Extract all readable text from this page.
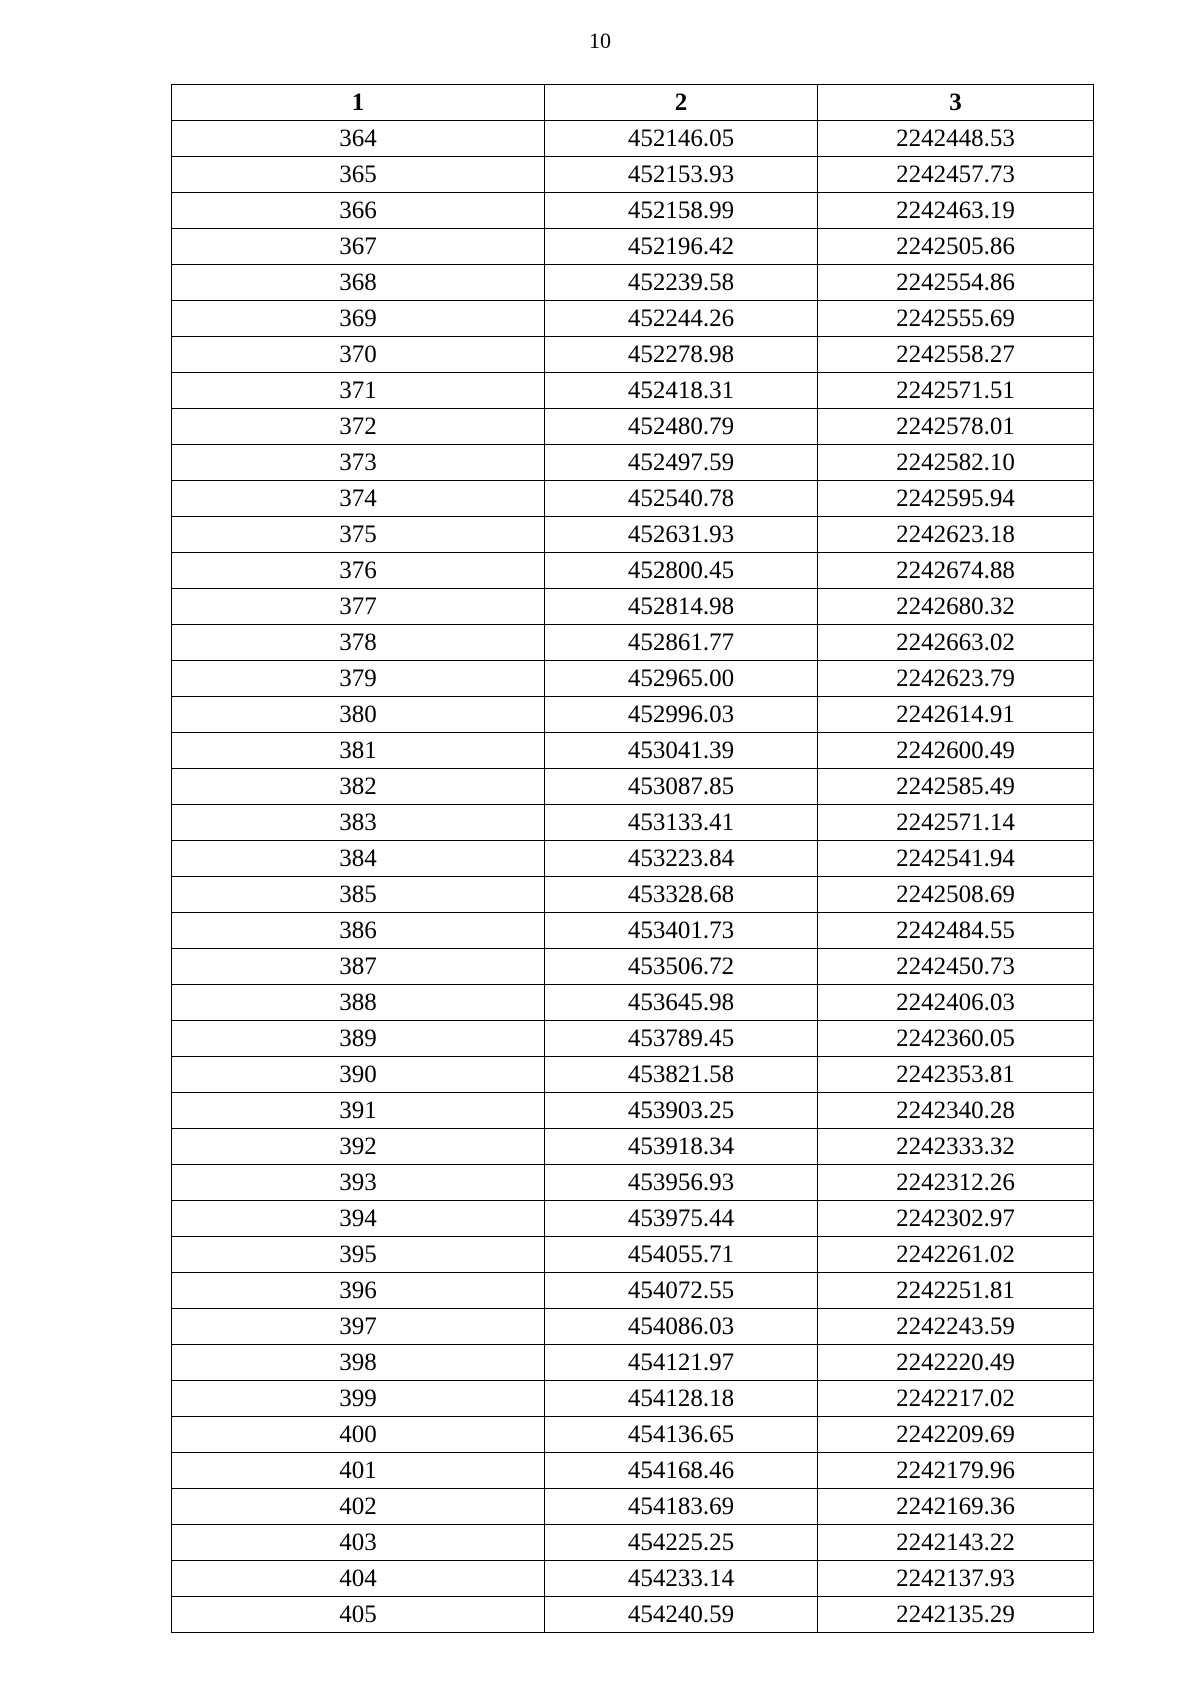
10
1	2	3
364	452146.05	2242448.53
365	452153.93	2242457.73
366	452158.99	2242463.19
367	452196.42	2242505.86
368	452239.58	2242554.86
369	452244.26	2242555.69
370	452278.98	2242558.27
371	452418.31	2242571.51
372	452480.79	2242578.01
373	452497.59	2242582.10
374	452540.78	2242595.94
375	452631.93	2242623.18
376	452800.45	2242674.88
377	452814.98	2242680.32
378	452861.77	2242663.02
379	452965.00	2242623.79
380	452996.03	2242614.91
381	453041.39	2242600.49
382	453087.85	2242585.49
383	453133.41	2242571.14
384	453223.84	2242541.94
385	453328.68	2242508.69
386	453401.73	2242484.55
387	453506.72	2242450.73
388	453645.98	2242406.03
389	453789.45	2242360.05
390	453821.58	2242353.81
391	453903.25	2242340.28
392	453918.34	2242333.32
393	453956.93	2242312.26
394	453975.44	2242302.97
395	454055.71	2242261.02
396	454072.55	2242251.81
397	454086.03	2242243.59
398	454121.97	2242220.49
399	454128.18	2242217.02
400	454136.65	2242209.69
401	454168.46	2242179.96
402	454183.69	2242169.36
403	454225.25	2242143.22
404	454233.14	2242137.93
405	454240.59	2242135.29
